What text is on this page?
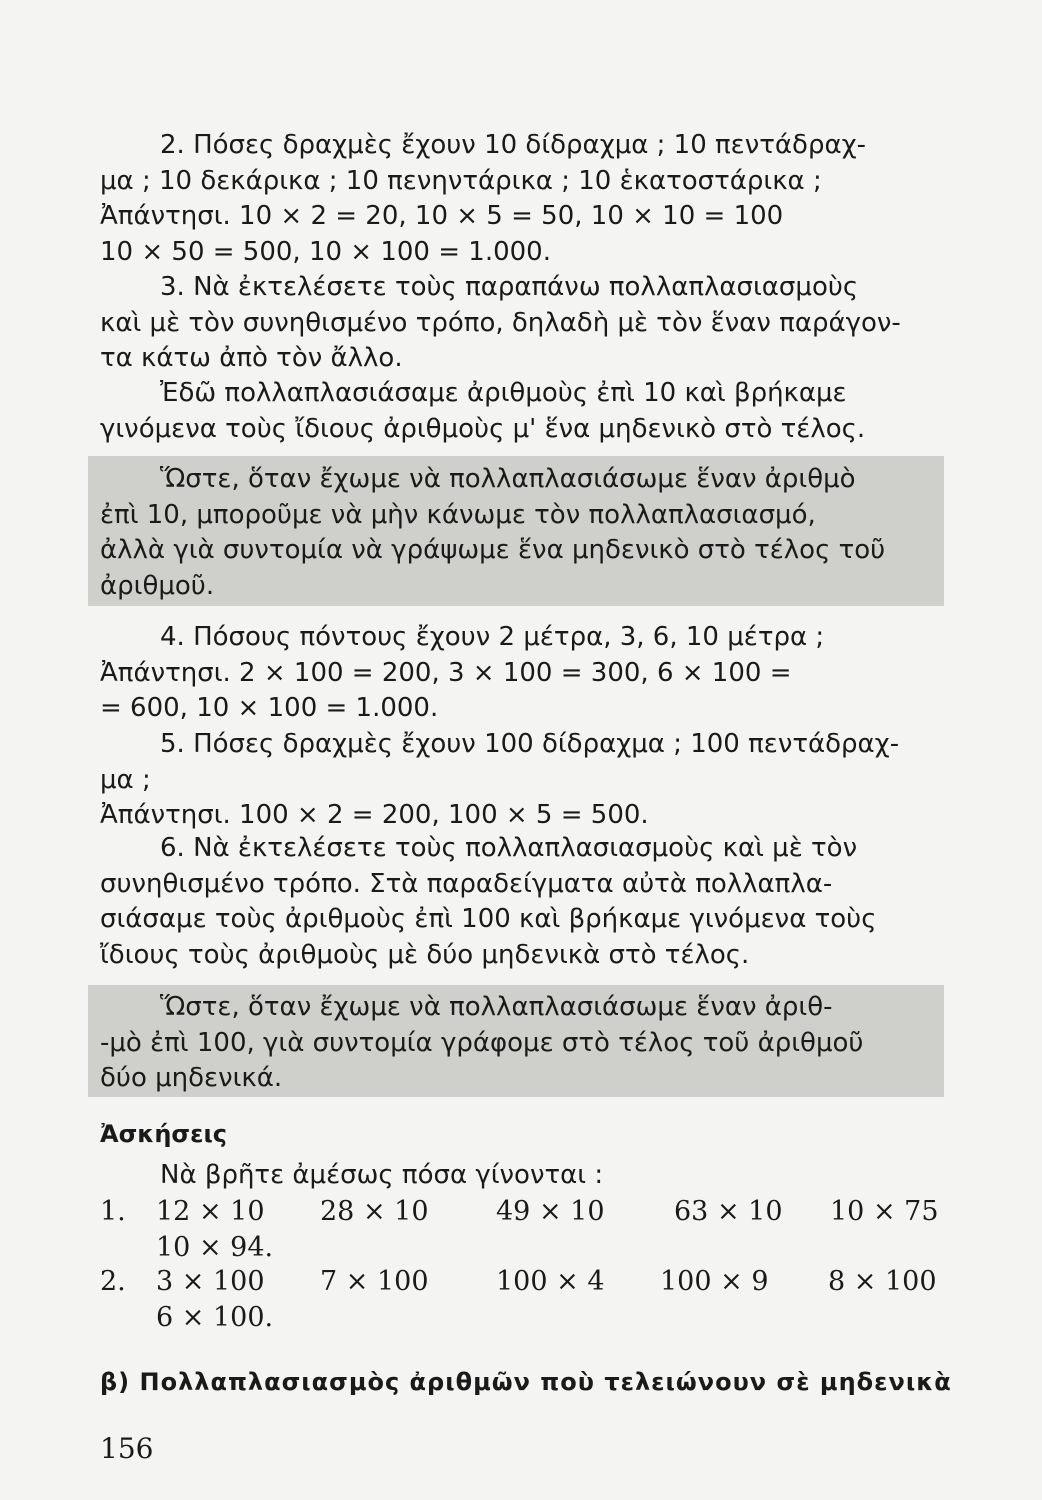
2. Πόσες δραχμὲς ἔχουν 10 δίδραχμα ; 10 πεντάδραχ-
μα ; 10 δεκάρικα ; 10 πενηντάρικα ; 10 ἑκατοστάρικα ;
Ἀπάντησι. 10 × 2 = 20, 10 × 5 = 50, 10 × 10 = 100
10 × 50 = 500, 10 × 100 = 1.000.
3. Νὰ ἐκτελέσετε τοὺς παραπάνω πολλαπλασιασμοὺς
καὶ μὲ τὸν συνηθισμένο τρόπο, δηλαδὴ μὲ τὸν ἕναν παράγον-
τα κάτω ἀπὸ τὸν ἄλλο.
Ἐδῶ πολλαπλασιάσαμε ἀριθμοὺς ἐπὶ 10 καὶ βρήκαμε
γινόμενα τοὺς ἴδιους ἀριθμοὺς μ' ἕνα μηδενικὸ στὸ τέλος.
Ὥστε, ὅταν ἔχωμε νὰ πολλαπλασιάσωμε ἕναν ἀριθμὸ
ἐπὶ 10, μποροῦμε νὰ μὴν κάνωμε τὸν πολλαπλασιασμό,
ἀλλὰ γιὰ συντομία νὰ γράψωμε ἕνα μηδενικὸ στὸ τέλος τοῦ
ἀριθμοῦ.
4. Πόσους πόντους ἔχουν 2 μέτρα, 3, 6, 10 μέτρα ;
Ἀπάντησι. 2 × 100 = 200, 3 × 100 = 300, 6 × 100 =
= 600, 10 × 100 = 1.000.
5. Πόσες δραχμὲς ἔχουν 100 δίδραχμα ; 100 πεντάδραχ-
μα ;
Ἀπάντησι. 100 × 2 = 200, 100 × 5 = 500.
6. Νὰ ἐκτελέσετε τοὺς πολλαπλασιασμοὺς καὶ μὲ τὸν
συνηθισμένο τρόπο. Στὰ παραδείγματα αὐτὰ πολλαπλα-
σιάσαμε τοὺς ἀριθμοὺς ἐπὶ 100 καὶ βρήκαμε γινόμενα τοὺς
ἴδιους τοὺς ἀριθμοὺς μὲ δύο μηδενικὰ στὸ τέλος.
Ὥστε, ὅταν ἔχωμε νὰ πολλαπλασιάσωμε ἕναν ἀριθ-
-μὸ ἐπὶ 100, γιὰ συντομία γράφομε στὸ τέλος τοῦ ἀριθμοῦ
δύο μηδενικά.
Ἀσκήσεις
Νὰ βρῆτε ἀμέσως πόσα γίνονται :
1. 12 × 10 28 × 10 49 × 10	63 × 10 10 × 75
10 × 94.
2. 3 × 100 7 × 100 100 × 4 100 × 9 8 × 100
6 × 100.
β) Πολλαπλασιασμὸς ἀριθμῶν ποὺ τελειώνουν σὲ μηδενικὰ
156
